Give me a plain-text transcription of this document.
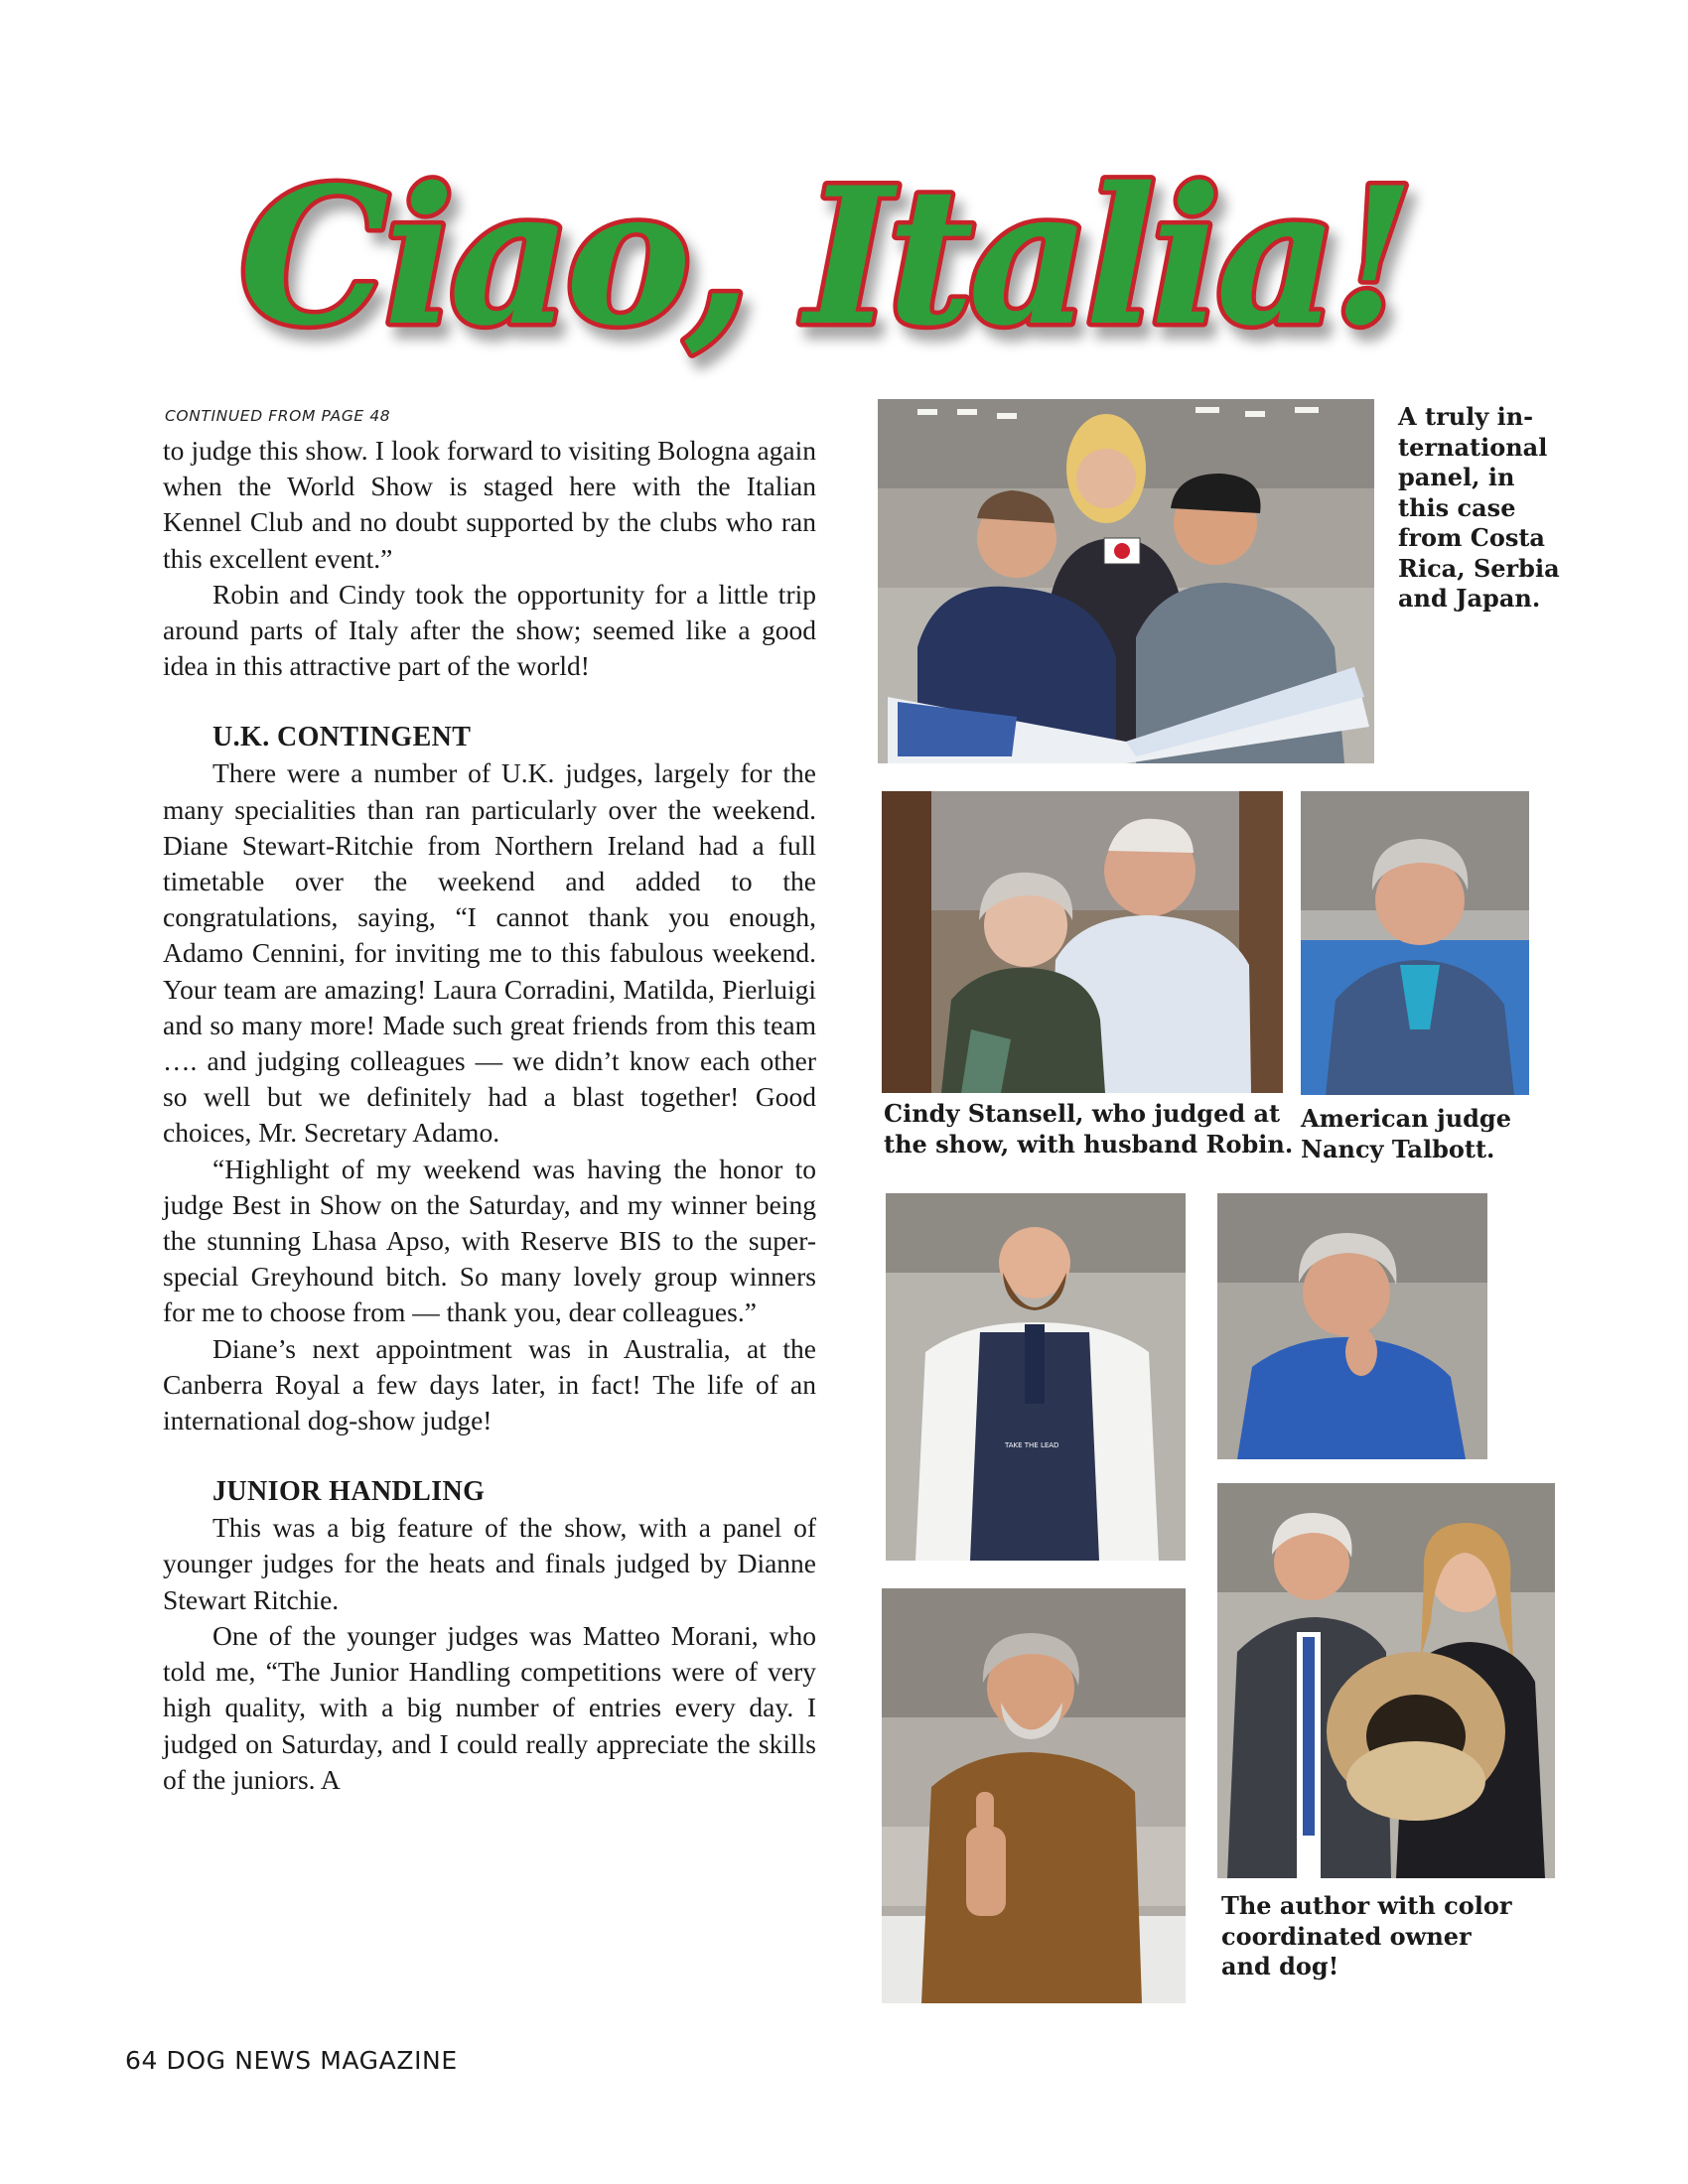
Ciao, Italia!
CONTINUED FROM PAGE 48

to judge this show. I look forward to visiting Bologna again when the World Show is staged here with the Italian Kennel Club and no doubt supported by the clubs who ran this excellent event.”

Robin and Cindy took the opportunity for a little trip around parts of Italy after the show; seemed like a good idea in this attractive part of the world!

U.K. CONTINGENT

There were a number of U.K. judges, largely for the many specialities than ran particularly over the weekend. Diane Stewart-Ritchie from Northern Ireland had a full timetable over the weekend and added to the congratulations, saying, “I cannot thank you enough, Adamo Cennini, for inviting me to this fabulous weekend. Your team are amazing! Laura Corradini, Matilda, Pierluigi and so many more! Made such great friends from this team …. and judging colleagues — we didn’t know each other so well but we definitely had a blast together! Good choices, Mr. Secretary Adamo.

“Highlight of my weekend was having the honor to judge Best in Show on the Saturday, and my winner being the stunning Lhasa Apso, with Reserve BIS to the super-special Greyhound bitch. So many lovely group winners for me to choose from — thank you, dear colleagues.”

Diane’s next appointment was in Australia, at the Canberra Royal a few days later, in fact! The life of an international dog-show judge!

JUNIOR HANDLING

This was a big feature of the show, with a panel of younger judges for the heats and finals judged by Dianne Stewart Ritchie.

One of the younger judges was Matteo Morani, who told me, “The Junior Handling competitions were of very high quality, with a big number of entries every day. I judged on Saturday, and I could really appreciate the skills of the juniors. A

A truly in-
ternational
panel, in
this case
from Costa
Rica, Serbia
and Japan.
Cindy Stansell, who judged at
the show, with husband Robin.
American judge
Nancy Talbott.
TAKE THE LEAD
The author with color
coordinated owner
and dog!
64 DOG NEWS MAGAZINE
